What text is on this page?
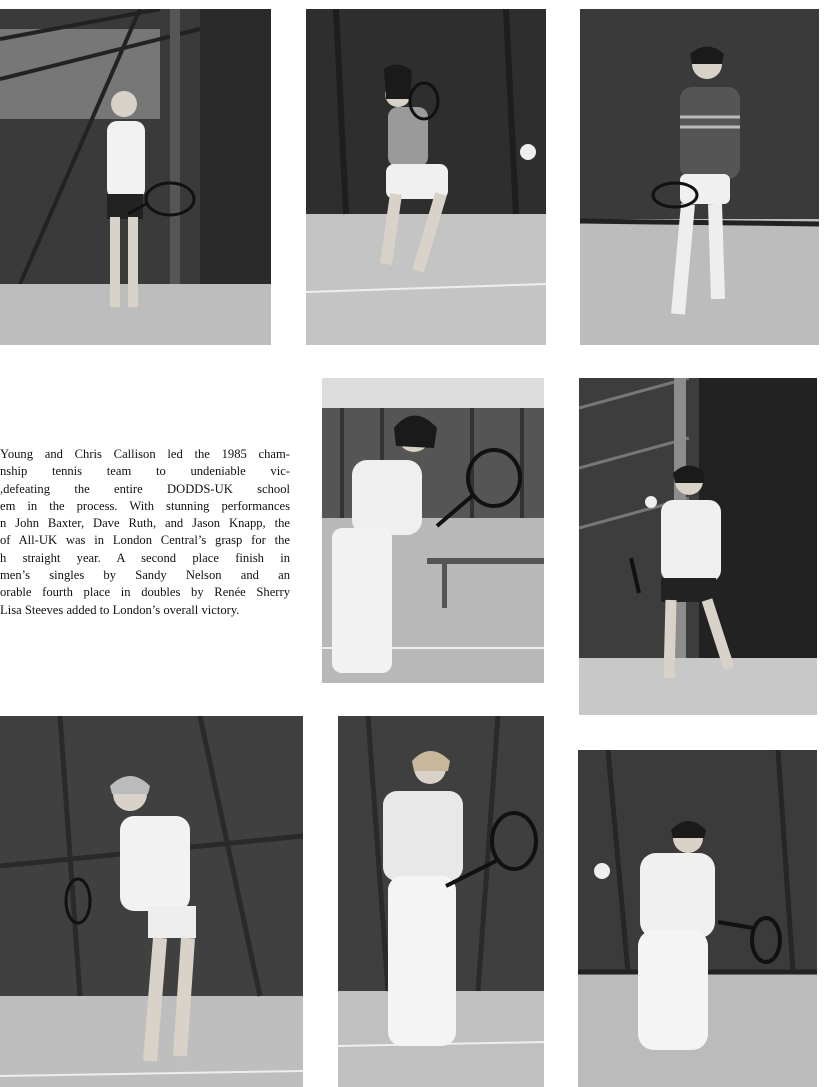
Young and Chris Callison led the 1985 cham-
nship tennis team to undeniable vic-
,defeating the entire DODDS-UK school
em in the process. With stunning performances
n John Baxter, Dave Ruth, and Jason Knapp, the
of All-UK was in London Central’s grasp for the
h straight year. A second place finish in
men’s singles by Sandy Nelson and an
orable fourth place in doubles by Renée Sherry
Lisa Steeves added to London’s overall victory.
